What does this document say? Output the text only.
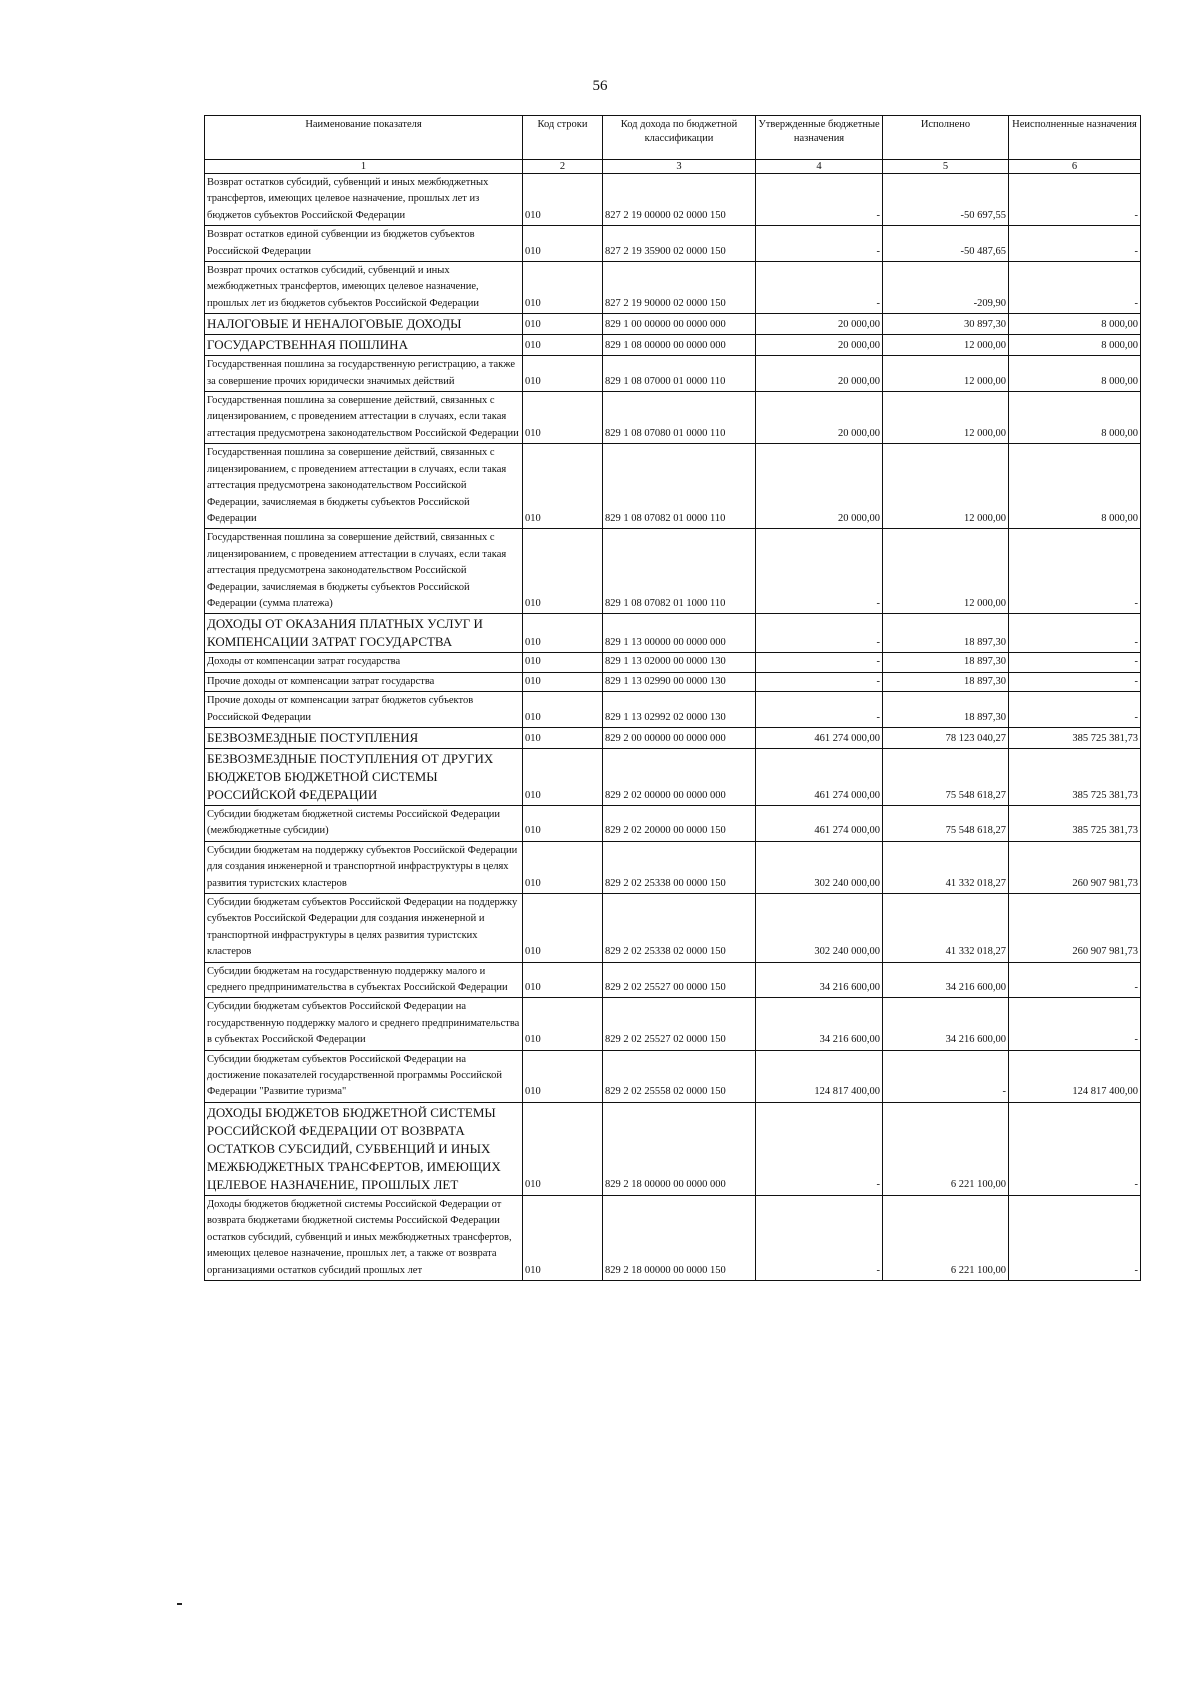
56
Наименование показателя	Код строки	Код дохода по бюджетной классификации	Утвержденные бюджетные назначения	Исполнено	Неисполненные назначения
1	2	3	4	5	6
Возврат остатков субсидий, субвенций и иных межбюджетных трансфертов, имеющих целевое назначение, прошлых лет из бюджетов субъектов Российской Федерации	010	827 2 19 00000 02 0000 150	-	-50 697,55	-
Возврат остатков единой субвенции из бюджетов субъектов Российской Федерации	010	827 2 19 35900 02 0000 150	-	-50 487,65	-
Возврат прочих остатков субсидий, субвенций и иных межбюджетных трансфертов, имеющих целевое назначение, прошлых лет из бюджетов субъектов Российской Федерации	010	827 2 19 90000 02 0000 150	-	-209,90	-
НАЛОГОВЫЕ И НЕНАЛОГОВЫЕ ДОХОДЫ	010	829 1 00 00000 00 0000 000	20 000,00	30 897,30	8 000,00
ГОСУДАРСТВЕННАЯ ПОШЛИНА	010	829 1 08 00000 00 0000 000	20 000,00	12 000,00	8 000,00
Государственная пошлина за государственную регистрацию, а также за совершение прочих юридически значимых действий	010	829 1 08 07000 01 0000 110	20 000,00	12 000,00	8 000,00
Государственная пошлина за совершение действий, связанных с лицензированием, с проведением аттестации в случаях, если такая аттестация предусмотрена законодательством Российской Федерации	010	829 1 08 07080 01 0000 110	20 000,00	12 000,00	8 000,00
Государственная пошлина за совершение действий, связанных с лицензированием, с проведением аттестации в случаях, если такая аттестация предусмотрена законодательством Российской Федерации, зачисляемая в бюджеты субъектов Российской Федерации	010	829 1 08 07082 01 0000 110	20 000,00	12 000,00	8 000,00
Государственная пошлина за совершение действий, связанных с лицензированием, с проведением аттестации в случаях, если такая аттестация предусмотрена законодательством Российской Федерации, зачисляемая в бюджеты субъектов Российской Федерации (сумма платежа)	010	829 1 08 07082 01 1000 110	-	12 000,00	-
ДОХОДЫ ОТ ОКАЗАНИЯ ПЛАТНЫХ УСЛУГ И КОМПЕНСАЦИИ ЗАТРАТ ГОСУДАРСТВА	010	829 1 13 00000 00 0000 000	-	18 897,30	-
Доходы от компенсации затрат государства	010	829 1 13 02000 00 0000 130	-	18 897,30	-
Прочие доходы от компенсации затрат государства	010	829 1 13 02990 00 0000 130	-	18 897,30	-
Прочие доходы от компенсации затрат бюджетов субъектов Российской Федерации	010	829 1 13 02992 02 0000 130	-	18 897,30	-
БЕЗВОЗМЕЗДНЫЕ ПОСТУПЛЕНИЯ	010	829 2 00 00000 00 0000 000	461 274 000,00	78 123 040,27	385 725 381,73
БЕЗВОЗМЕЗДНЫЕ ПОСТУПЛЕНИЯ ОТ ДРУГИХ БЮДЖЕТОВ БЮДЖЕТНОЙ СИСТЕМЫ РОССИЙСКОЙ ФЕДЕРАЦИИ	010	829 2 02 00000 00 0000 000	461 274 000,00	75 548 618,27	385 725 381,73
Субсидии бюджетам бюджетной системы Российской Федерации (межбюджетные субсидии)	010	829 2 02 20000 00 0000 150	461 274 000,00	75 548 618,27	385 725 381,73
Субсидии бюджетам на поддержку субъектов Российской Федерации для создания инженерной и транспортной инфраструктуры в целях развития туристских кластеров	010	829 2 02 25338 00 0000 150	302 240 000,00	41 332 018,27	260 907 981,73
Субсидии бюджетам субъектов Российской Федерации на поддержку субъектов Российской Федерации для создания инженерной и транспортной инфраструктуры в целях развития туристских кластеров	010	829 2 02 25338 02 0000 150	302 240 000,00	41 332 018,27	260 907 981,73
Субсидии бюджетам на государственную поддержку малого и среднего предпринимательства в субъектах Российской Федерации	010	829 2 02 25527 00 0000 150	34 216 600,00	34 216 600,00	-
Субсидии бюджетам субъектов Российской Федерации на государственную поддержку малого и среднего предпринимательства в субъектах Российской Федерации	010	829 2 02 25527 02 0000 150	34 216 600,00	34 216 600,00	-
Субсидии бюджетам субъектов Российской Федерации на достижение показателей государственной программы Российской Федерации "Развитие туризма"	010	829 2 02 25558 02 0000 150	124 817 400,00	-	124 817 400,00
ДОХОДЫ БЮДЖЕТОВ БЮДЖЕТНОЙ СИСТЕМЫ РОССИЙСКОЙ ФЕДЕРАЦИИ ОТ ВОЗВРАТА ОСТАТКОВ СУБСИДИЙ, СУБВЕНЦИЙ И ИНЫХ МЕЖБЮДЖЕТНЫХ ТРАНСФЕРТОВ, ИМЕЮЩИХ ЦЕЛЕВОЕ НАЗНАЧЕНИЕ, ПРОШЛЫХ ЛЕТ	010	829 2 18 00000 00 0000 000	-	6 221 100,00	-
Доходы бюджетов бюджетной системы Российской Федерации от возврата бюджетами бюджетной системы Российской Федерации остатков субсидий, субвенций и иных межбюджетных трансфертов, имеющих целевое назначение, прошлых лет, а также от возврата организациями остатков субсидий прошлых лет	010	829 2 18 00000 00 0000 150	-	6 221 100,00	-
